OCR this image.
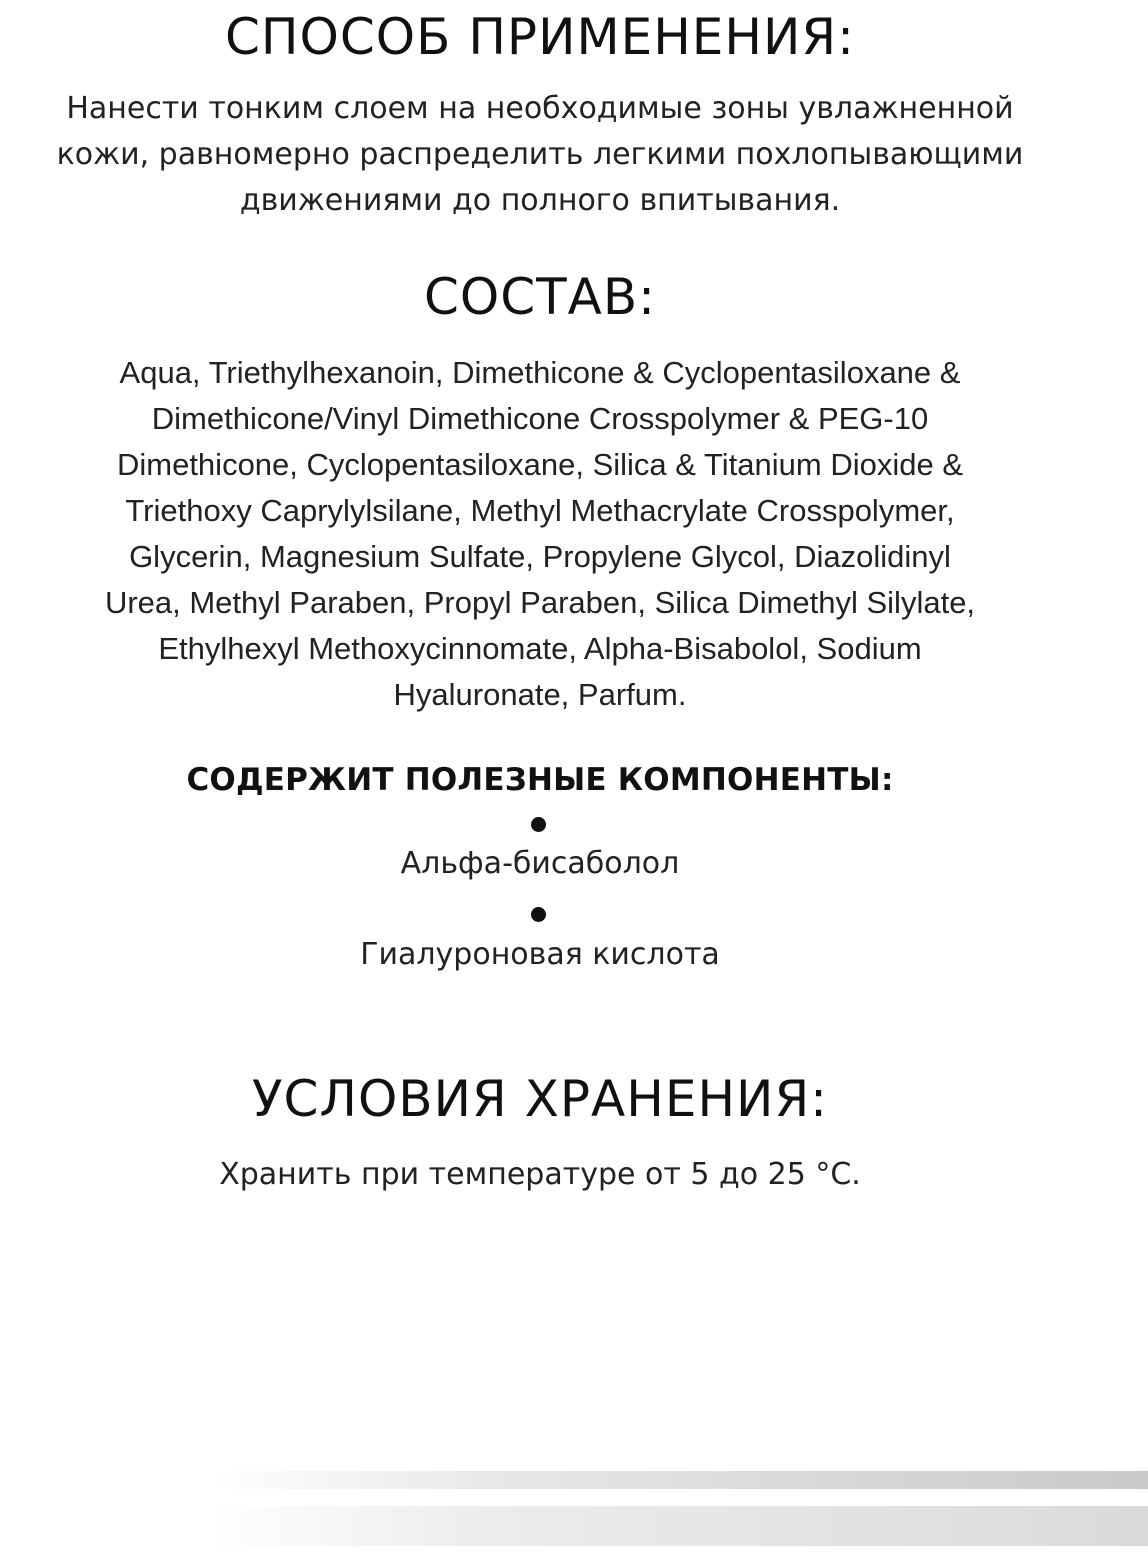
СПОСОБ ПРИМЕНЕНИЯ:

Нанести тонким слоем на необходимые зоны увлажненной
кожи, равномерно распределить легкими похлопывающими
движениями до полного впитывания.

СОСТАВ:

Aqua, Triethylhexanoin, Dimethicone & Cyclopentasiloxane &
Dimethicone/Vinyl Dimethicone Crosspolymer & PEG-10
Dimethicone, Cyclopentasiloxane, Silica & Titanium Dioxide &
Triethoxy Caprylylsilane, Methyl Methacrylate Crosspolymer,
Glycerin, Magnesium Sulfate, Propylene Glycol, Diazolidinyl
Urea, Methyl Paraben, Propyl Paraben, Silica Dimethyl Silylate,
Ethylhexyl Methoxycinnomate, Alpha-Bisabolol, Sodium
Hyaluronate, Parfum.

СОДЕРЖИТ ПОЛЕЗНЫЕ КОМПОНЕНТЫ:

Альфа-бисаболол

Гиалуроновая кислота

УСЛОВИЯ ХРАНЕНИЯ:

Хранить при температуре от 5 до 25 °C.
